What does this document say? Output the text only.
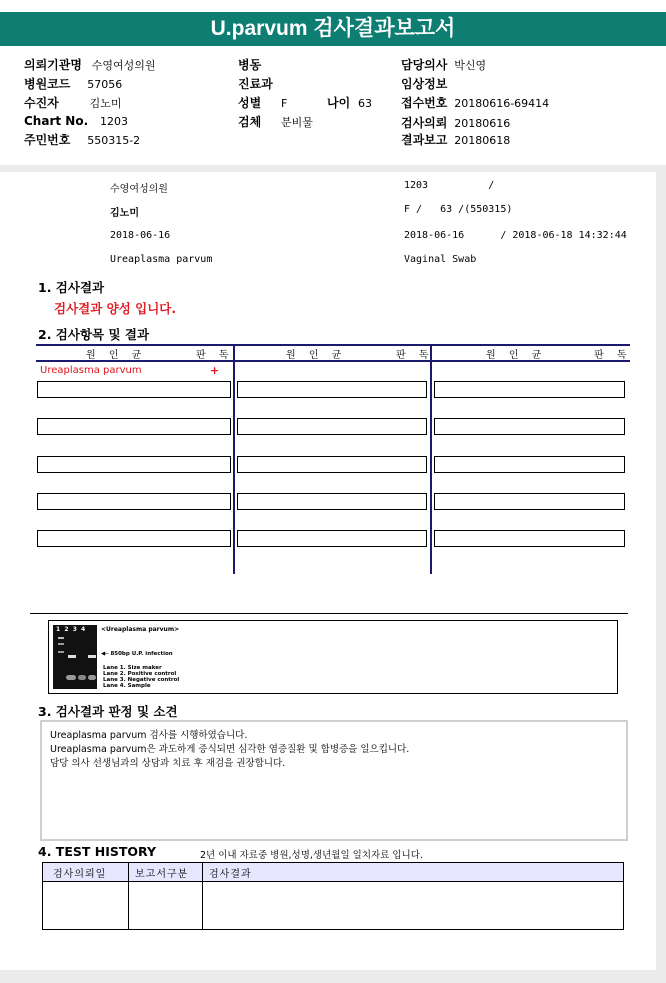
U.parvum 검사결과보고서
의뢰기관명 수영여성의원
병원코드 57056
수진자	김노미
Chart No. 1203
주민번호 550315-2
병동
진료과
성별 F	나이 63
검체 분비물
담당의사 박신영
임상정보
접수번호 20180616-69414
검사의뢰 20180616
결과보고 20180618
수영여성의원	1203          /
김노미	F /   63 /(550315)
2018-06-16	2018-06-16      / 2018-06-18 14:32:44
Ureaplasma parvum	Vaginal Swab
1. 검사결과
검사결과 양성 입니다.
2. 검사항목 및 결과
원 인 균	판 독	원 인 균	판 독	원 인 균	판 독
Ureaplasma parvum	+
1  2  3  4	<Ureaplasma parvum>
◀─ 850bp U.P. infection
Lane 1. Size maker
Lane 2. Positive control
Lane 3. Negative control
Lane 4. Sample
3. 검사결과 판정 및 소견
Ureaplasma parvum 검사를 시행하였습니다.
Ureaplasma parvum은 과도하게 증식되면 심각한 염증질환 및 합병증을 일으킵니다.
담당 의사 선생님과의 상담과 치료 후 재검을 권장합니다.
4. TEST HISTORY	2년 이내 자료중 병원,성명,생년월일 일치자료 입니다.
검사의뢰일	보고서구분 검사결과
